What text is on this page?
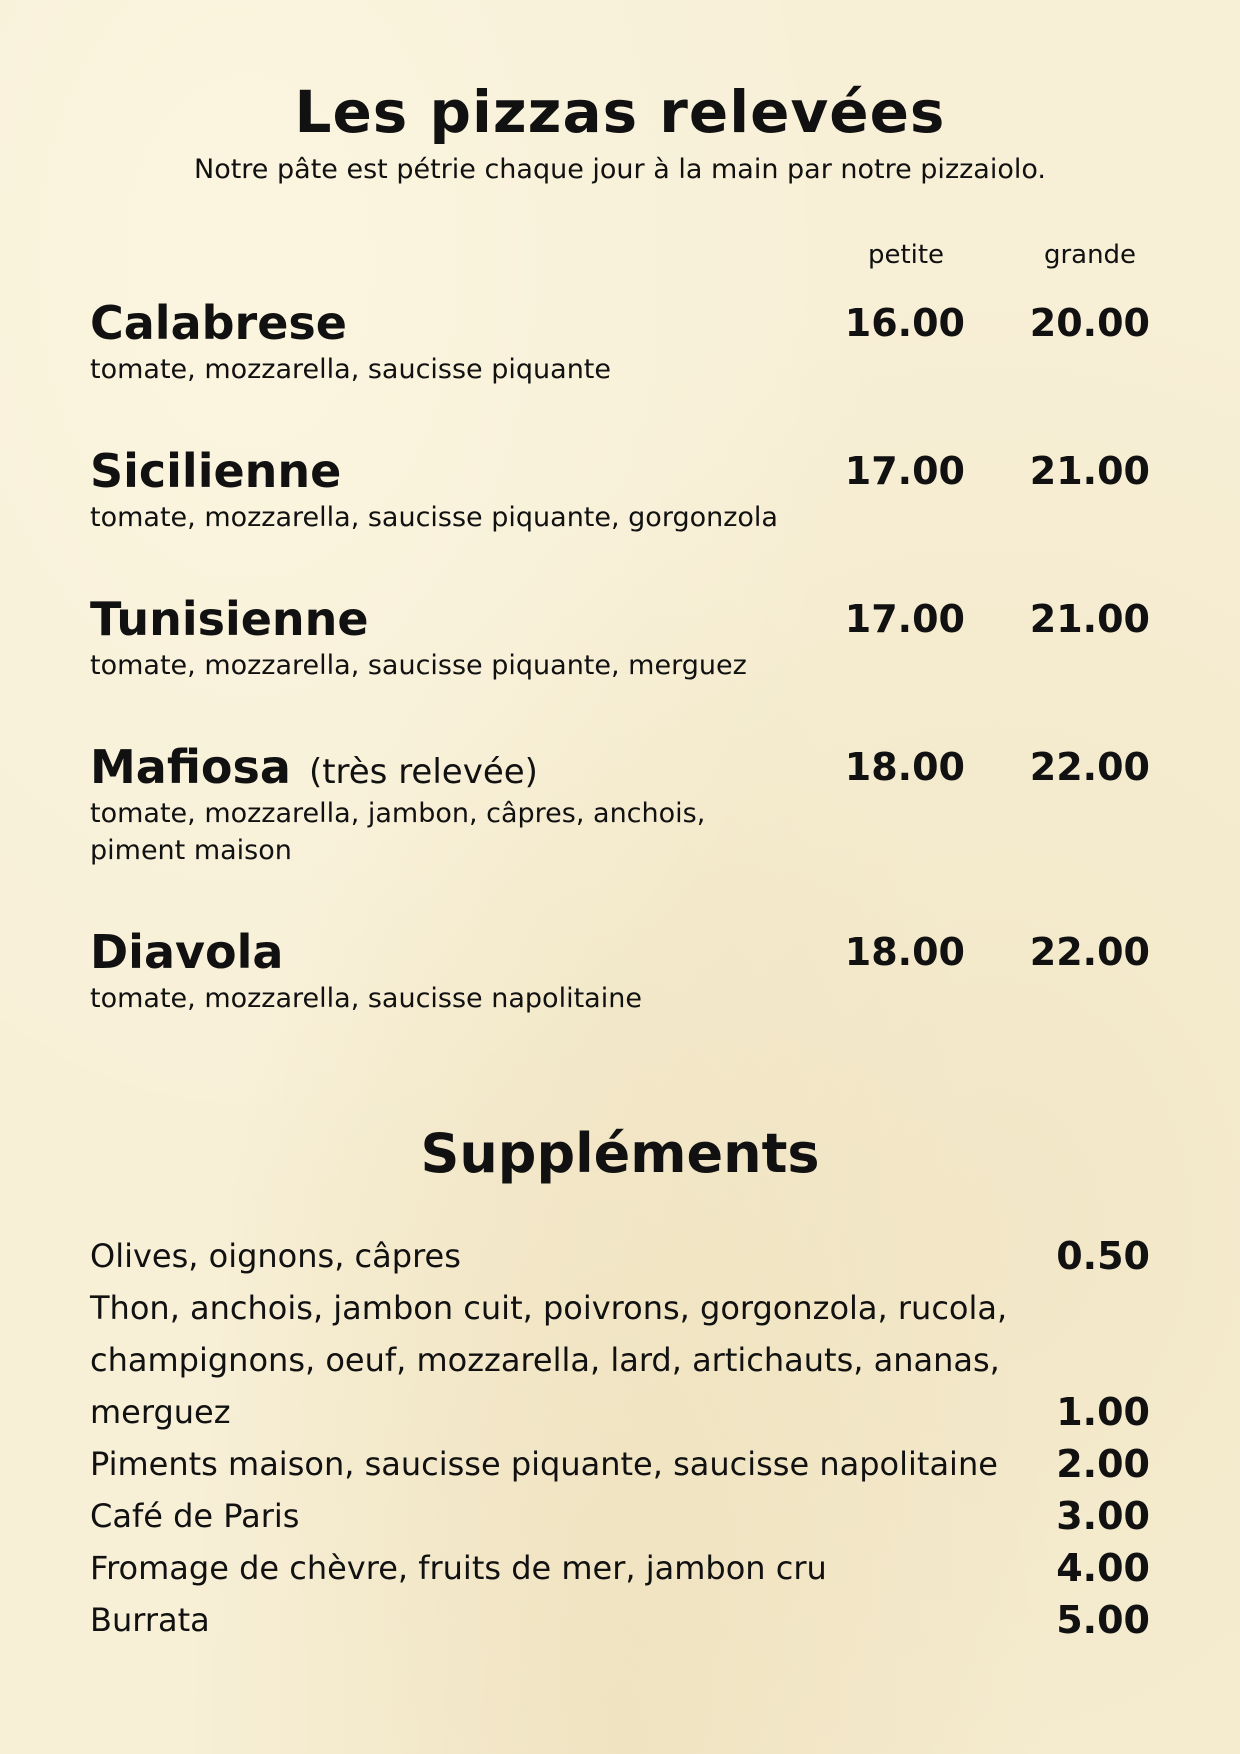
Les pizzas relevées
Notre pâte est pétrie chaque jour à la main par notre pizzaiolo.
petite	grande
Calabrese
tomate, mozzarella, saucisse piquante
16.00 20.00
Sicilienne
tomate, mozzarella, saucisse piquante, gorgonzola
17.00 21.00
Tunisienne
tomate, mozzarella, saucisse piquante, merguez
17.00 21.00
Mafiosa (très relevée)
tomate, mozzarella, jambon, câpres, anchois, piment maison
18.00 22.00
Diavola
tomate, mozzarella, saucisse napolitaine
18.00 22.00
Suppléments
Olives, oignons, câpres	0.50
Thon, anchois, jambon cuit, poivrons, gorgonzola, rucola, champignons, oeuf, mozzarella, lard, artichauts, ananas, merguez	1.00
Piments maison, saucisse piquante, saucisse napolitaine	2.00
Café de Paris	3.00
Fromage de chèvre, fruits de mer, jambon cru	4.00
Burrata	5.00
